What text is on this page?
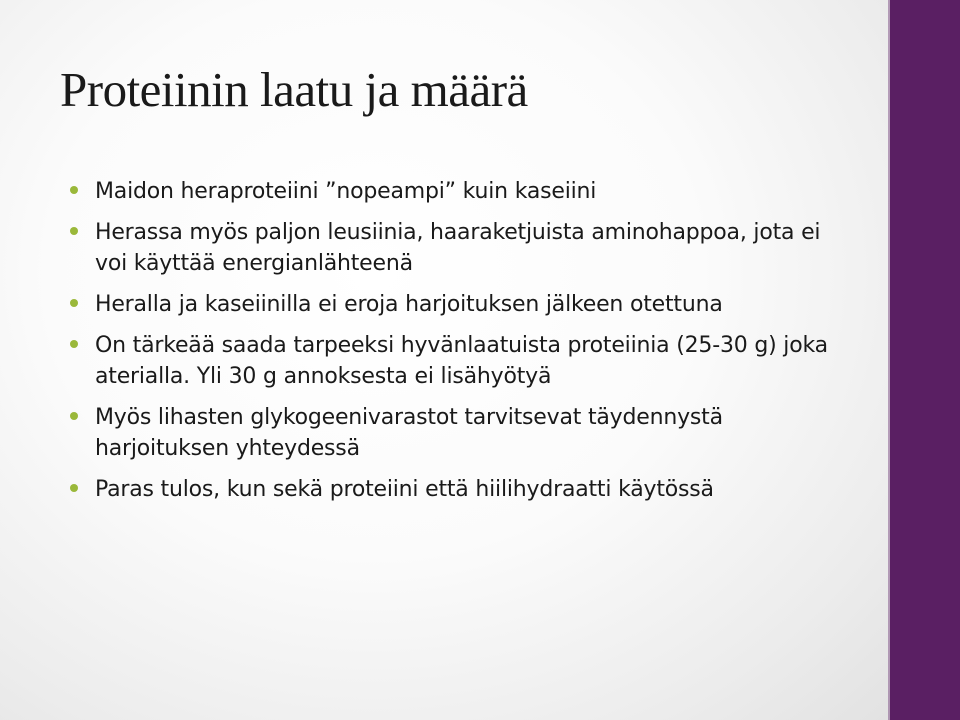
Proteiinin laatu ja määrä
Maidon heraproteiini ”nopeampi” kuin kaseiini
Herassa myös paljon leusiinia, haaraketjuista aminohappoa, jota ei voi käyttää energianlähteenä
Heralla ja kaseiinilla ei eroja harjoituksen jälkeen otettuna
On tärkeää saada tarpeeksi hyvänlaatuista proteiinia (25-30 g) joka aterialla. Yli 30 g annoksesta ei lisähyötyä
Myös lihasten glykogeenivarastot tarvitsevat täydennystä harjoituksen yhteydessä
Paras tulos, kun sekä proteiini että hiilihydraatti käytössä
